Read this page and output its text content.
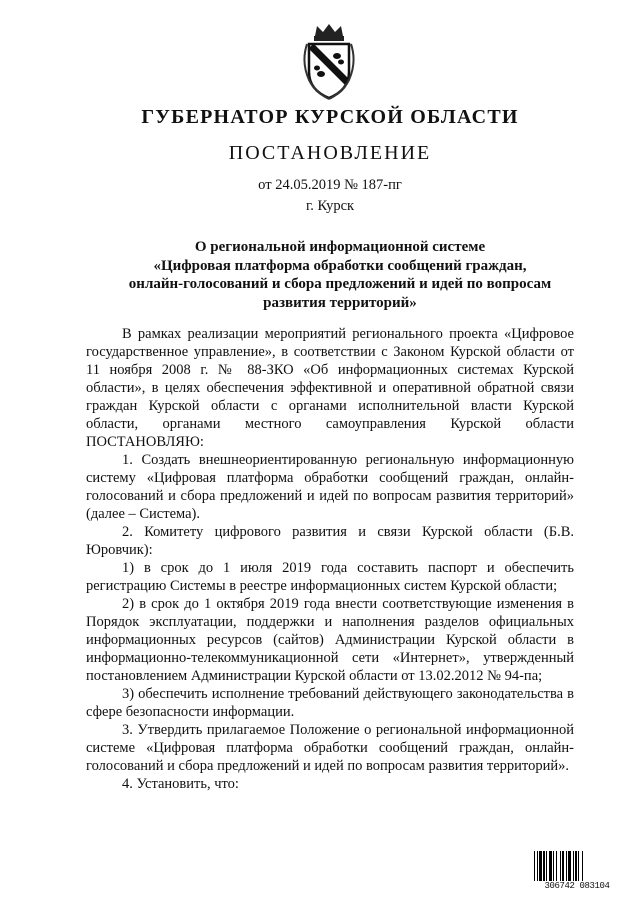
ГУБЕРНАТОР КУРСКОЙ ОБЛАСТИ
ПОСТАНОВЛЕНИЕ
от 24.05.2019 № 187-пг
г. Курск
О региональной информационной системе
«Цифровая платформа обработки сообщений граждан,
онлайн-голосований и сбора предложений и идей по вопросам
развития территорий»

В рамках реализации мероприятий регионального проекта «Цифровое государственное управление», в соответствии с Законом Курской области от 11 ноября 2008 г. № 88-ЗКО «Об информационных системах Курской области», в целях обеспечения эффективной и оперативной обратной связи граждан Курской области с органами исполнительной власти Курской области, органами местного самоуправления Курской области ПОСТАНОВЛЯЮ:

1. Создать внешнеориентированную региональную информационную систему «Цифровая платформа обработки сообщений граждан, онлайн-голосований и сбора предложений и идей по вопросам развития территорий» (далее – Система).

2. Комитету цифрового развития и связи Курской области (Б.В. Юровчик):

1) в срок до 1 июля 2019 года составить паспорт и обеспечить регистрацию Системы в реестре информационных систем Курской области;

2) в срок до 1 октября 2019 года внести соответствующие изменения в Порядок эксплуатации, поддержки и наполнения разделов официальных информационных ресурсов (сайтов) Администрации Курской области в информационно-телекоммуникационной сети «Интернет», утвержденный постановлением Администрации Курской области от 13.02.2012 № 94-па;

3) обеспечить исполнение требований действующего законодательства в сфере безопасности информации.

3. Утвердить прилагаемое Положение о региональной информационной системе «Цифровая платформа обработки сообщений граждан, онлайн-голосований и сбора предложений и идей по вопросам развития территорий».

4. Установить, что:

306742 083104
